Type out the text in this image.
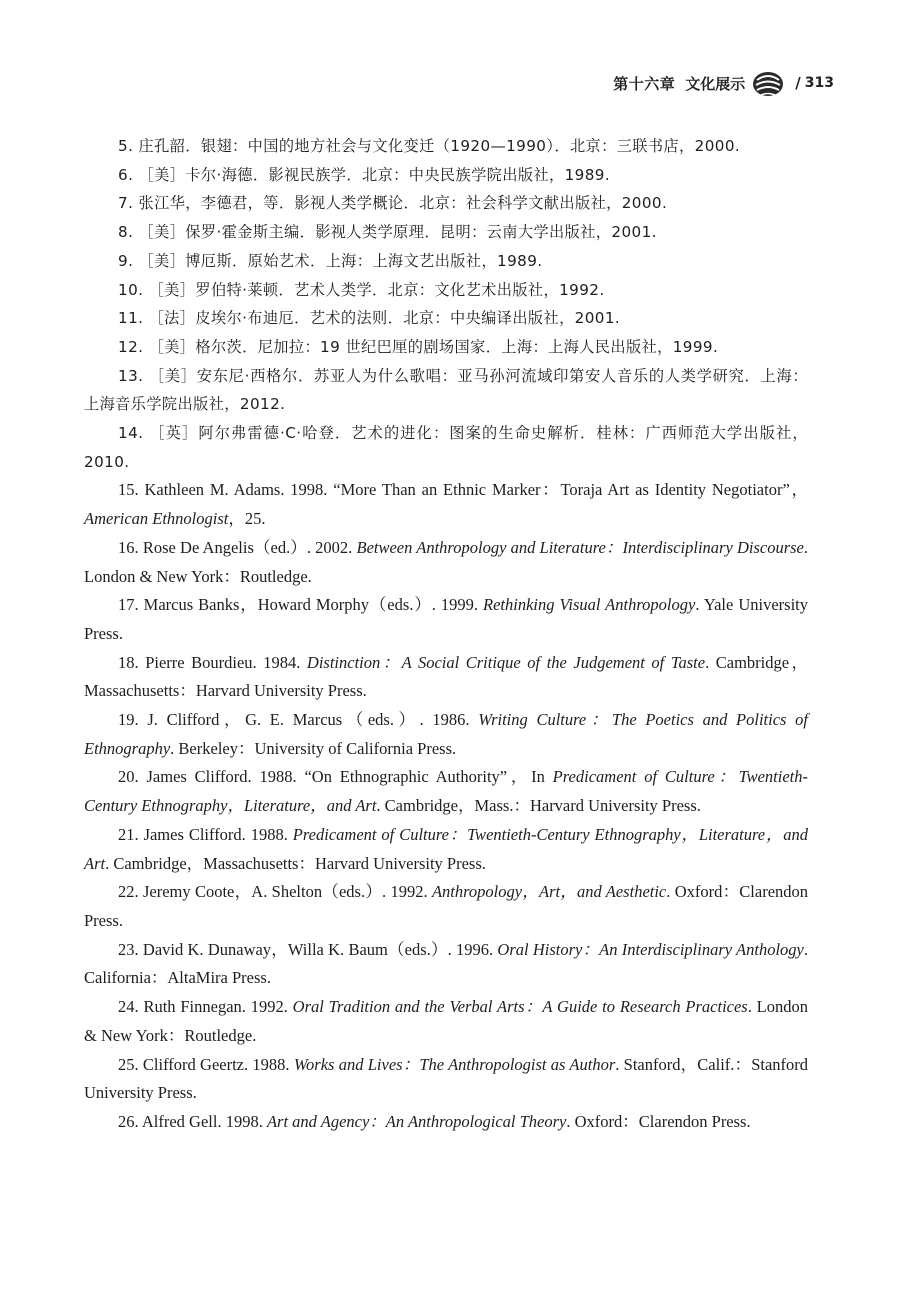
第十六章 文化展示	/ 313

5. 庄孔韶．银翅：中国的地方社会与文化变迁（1920—1990）．北京：三联书店，2000.

6. ［美］卡尔·海德．影视民族学．北京：中央民族学院出版社，1989.

7. 张江华，李德君，等．影视人类学概论．北京：社会科学文献出版社，2000.

8. ［美］保罗·霍金斯主编．影视人类学原理．昆明：云南大学出版社，2001.

9. ［美］博厄斯．原始艺术．上海：上海文艺出版社，1989.

10. ［美］罗伯特·莱顿．艺术人类学．北京：文化艺术出版社，1992.

11. ［法］皮埃尔·布迪厄．艺术的法则．北京：中央编译出版社，2001.

12. ［美］格尔茨．尼加拉：19 世纪巴厘的剧场国家．上海：上海人民出版社，1999.

13. ［美］安东尼·西格尔．苏亚人为什么歌唱：亚马孙河流域印第安人音乐的人类学研究．上海：上海音乐学院出版社，2012.

14. ［英］阿尔弗雷德·C·哈登．艺术的进化：图案的生命史解析．桂林：广西师范大学出版社，2010.

15. Kathleen M. Adams. 1998. “More Than an Ethnic Marker：Toraja Art as Identity Negotiator”，American Ethnologist，25.

16. Rose De Angelis（ed.）. 2002. Between Anthropology and Literature：Interdisciplinary Discourse. London & New York：Routledge.

17. Marcus Banks，Howard Morphy（eds.）. 1999. Rethinking Visual Anthropology. Yale University Press.

18. Pierre Bourdieu. 1984. Distinction：A Social Critique of the Judgement of Taste. Cambridge，Massachusetts：Harvard University Press.

19. J. Clifford，G. E. Marcus（eds.）. 1986. Writing Culture：The Poetics and Politics of Ethnography. Berkeley：University of California Press.

20. James Clifford. 1988. “On Ethnographic Authority”，In Predicament of Culture：Twentieth-Century Ethnography，Literature，and Art. Cambridge，Mass.：Harvard University Press.

21. James Clifford. 1988. Predicament of Culture：Twentieth-Century Ethnography，Literature，and Art. Cambridge，Massachusetts：Harvard University Press.

22. Jeremy Coote，A. Shelton（eds.）. 1992. Anthropology，Art，and Aesthetic. Oxford：Clarendon Press.

23. David K. Dunaway，Willa K. Baum（eds.）. 1996. Oral History：An Interdisciplinary Anthology. California：AltaMira Press.

24. Ruth Finnegan. 1992. Oral Tradition and the Verbal Arts：A Guide to Research Practices. London & New York：Routledge.

25. Clifford Geertz. 1988. Works and Lives：The Anthropologist as Author. Stanford，Calif.：Stanford University Press.

26. Alfred Gell. 1998. Art and Agency：An Anthropological Theory. Oxford：Clarendon Press.
